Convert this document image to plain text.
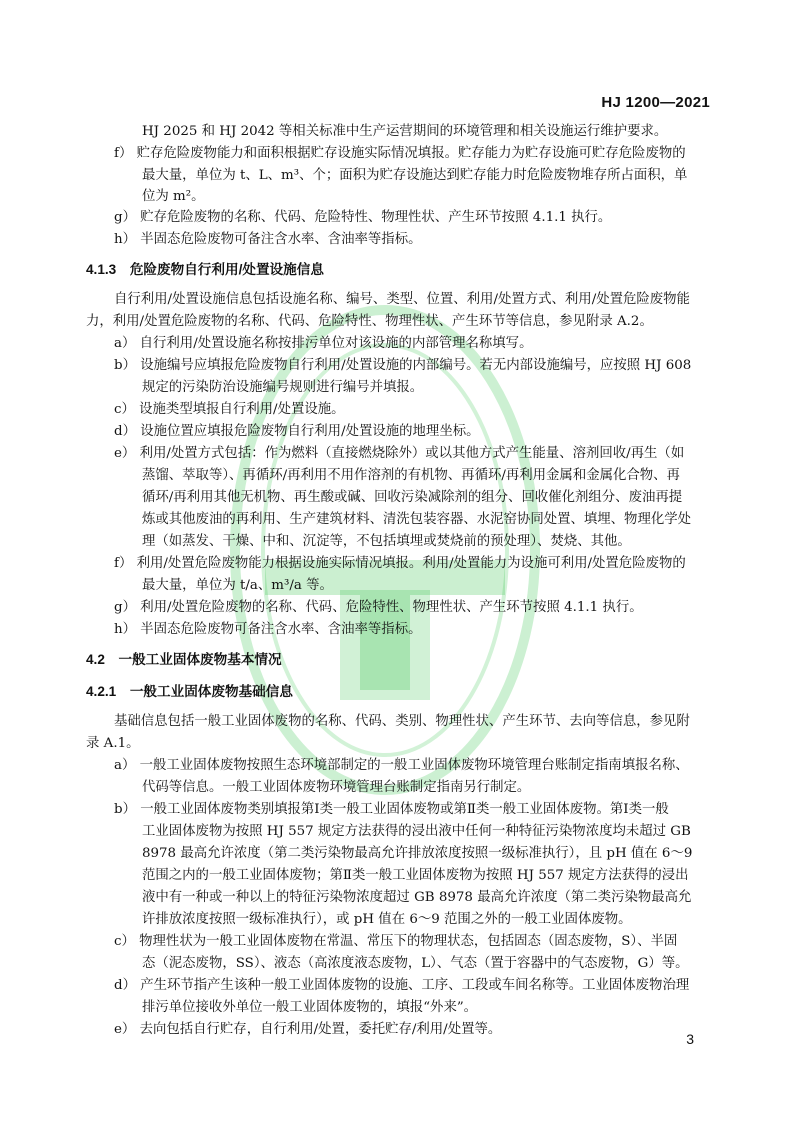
HJ 1200—2021
HJ 2025 和 HJ 2042 等相关标准中生产运营期间的环境管理和相关设施运行维护要求。
f） 贮存危险废物能力和面积根据贮存设施实际情况填报。贮存能力为贮存设施可贮存危险废物的
最大量，单位为 t、L、m³、个；面积为贮存设施达到贮存能力时危险废物堆存所占面积，单
位为 m²。
g） 贮存危险废物的名称、代码、危险特性、物理性状、产生环节按照 4.1.1 执行。
h） 半固态危险废物可备注含水率、含油率等指标。
4.1.3　危险废物自行利用/处置设施信息
自行利用/处置设施信息包括设施名称、编号、类型、位置、利用/处置方式、利用/处置危险废物能
力，利用/处置危险废物的名称、代码、危险特性、物理性状、产生环节等信息，参见附录 A.2。
a） 自行利用/处置设施名称按排污单位对该设施的内部管理名称填写。
b） 设施编号应填报危险废物自行利用/处置设施的内部编号。若无内部设施编号，应按照 HJ 608
规定的污染防治设施编号规则进行编号并填报。
c） 设施类型填报自行利用/处置设施。
d） 设施位置应填报危险废物自行利用/处置设施的地理坐标。
e） 利用/处置方式包括：作为燃料（直接燃烧除外）或以其他方式产生能量、溶剂回收/再生（如
蒸馏、萃取等）、再循环/再利用不用作溶剂的有机物、再循环/再利用金属和金属化合物、再
循环/再利用其他无机物、再生酸或碱、回收污染减除剂的组分、回收催化剂组分、废油再提
炼或其他废油的再利用、生产建筑材料、清洗包装容器、水泥窑协同处置、填埋、物理化学处
理（如蒸发、干燥、中和、沉淀等，不包括填埋或焚烧前的预处理）、焚烧、其他。
f） 利用/处置危险废物能力根据设施实际情况填报。利用/处置能力为设施可利用/处置危险废物的
最大量，单位为 t/a、m³/a 等。
g） 利用/处置危险废物的名称、代码、危险特性、物理性状、产生环节按照 4.1.1 执行。
h） 半固态危险废物可备注含水率、含油率等指标。
4.2　一般工业固体废物基本情况
4.2.1　一般工业固体废物基础信息
基础信息包括一般工业固体废物的名称、代码、类别、物理性状、产生环节、去向等信息，参见附
录 A.1。
a） 一般工业固体废物按照生态环境部制定的一般工业固体废物环境管理台账制定指南填报名称、
代码等信息。一般工业固体废物环境管理台账制定指南另行制定。
b） 一般工业固体废物类别填报第Ⅰ类一般工业固体废物或第Ⅱ类一般工业固体废物。第Ⅰ类一般
工业固体废物为按照 HJ 557 规定方法获得的浸出液中任何一种特征污染物浓度均未超过 GB
8978 最高允许浓度（第二类污染物最高允许排放浓度按照一级标准执行），且 pH 值在 6～9
范围之内的一般工业固体废物；第Ⅱ类一般工业固体废物为按照 HJ 557 规定方法获得的浸出
液中有一种或一种以上的特征污染物浓度超过 GB 8978 最高允许浓度（第二类污染物最高允
许排放浓度按照一级标准执行），或 pH 值在 6～9 范围之外的一般工业固体废物。
c） 物理性状为一般工业固体废物在常温、常压下的物理状态，包括固态（固态废物，S）、半固
态（泥态废物，SS）、液态（高浓度液态废物，L）、气态（置于容器中的气态废物，G）等。
d） 产生环节指产生该种一般工业固体废物的设施、工序、工段或车间名称等。工业固体废物治理
排污单位接收外单位一般工业固体废物的，填报“外来”。
e） 去向包括自行贮存，自行利用/处置，委托贮存/利用/处置等。
3
